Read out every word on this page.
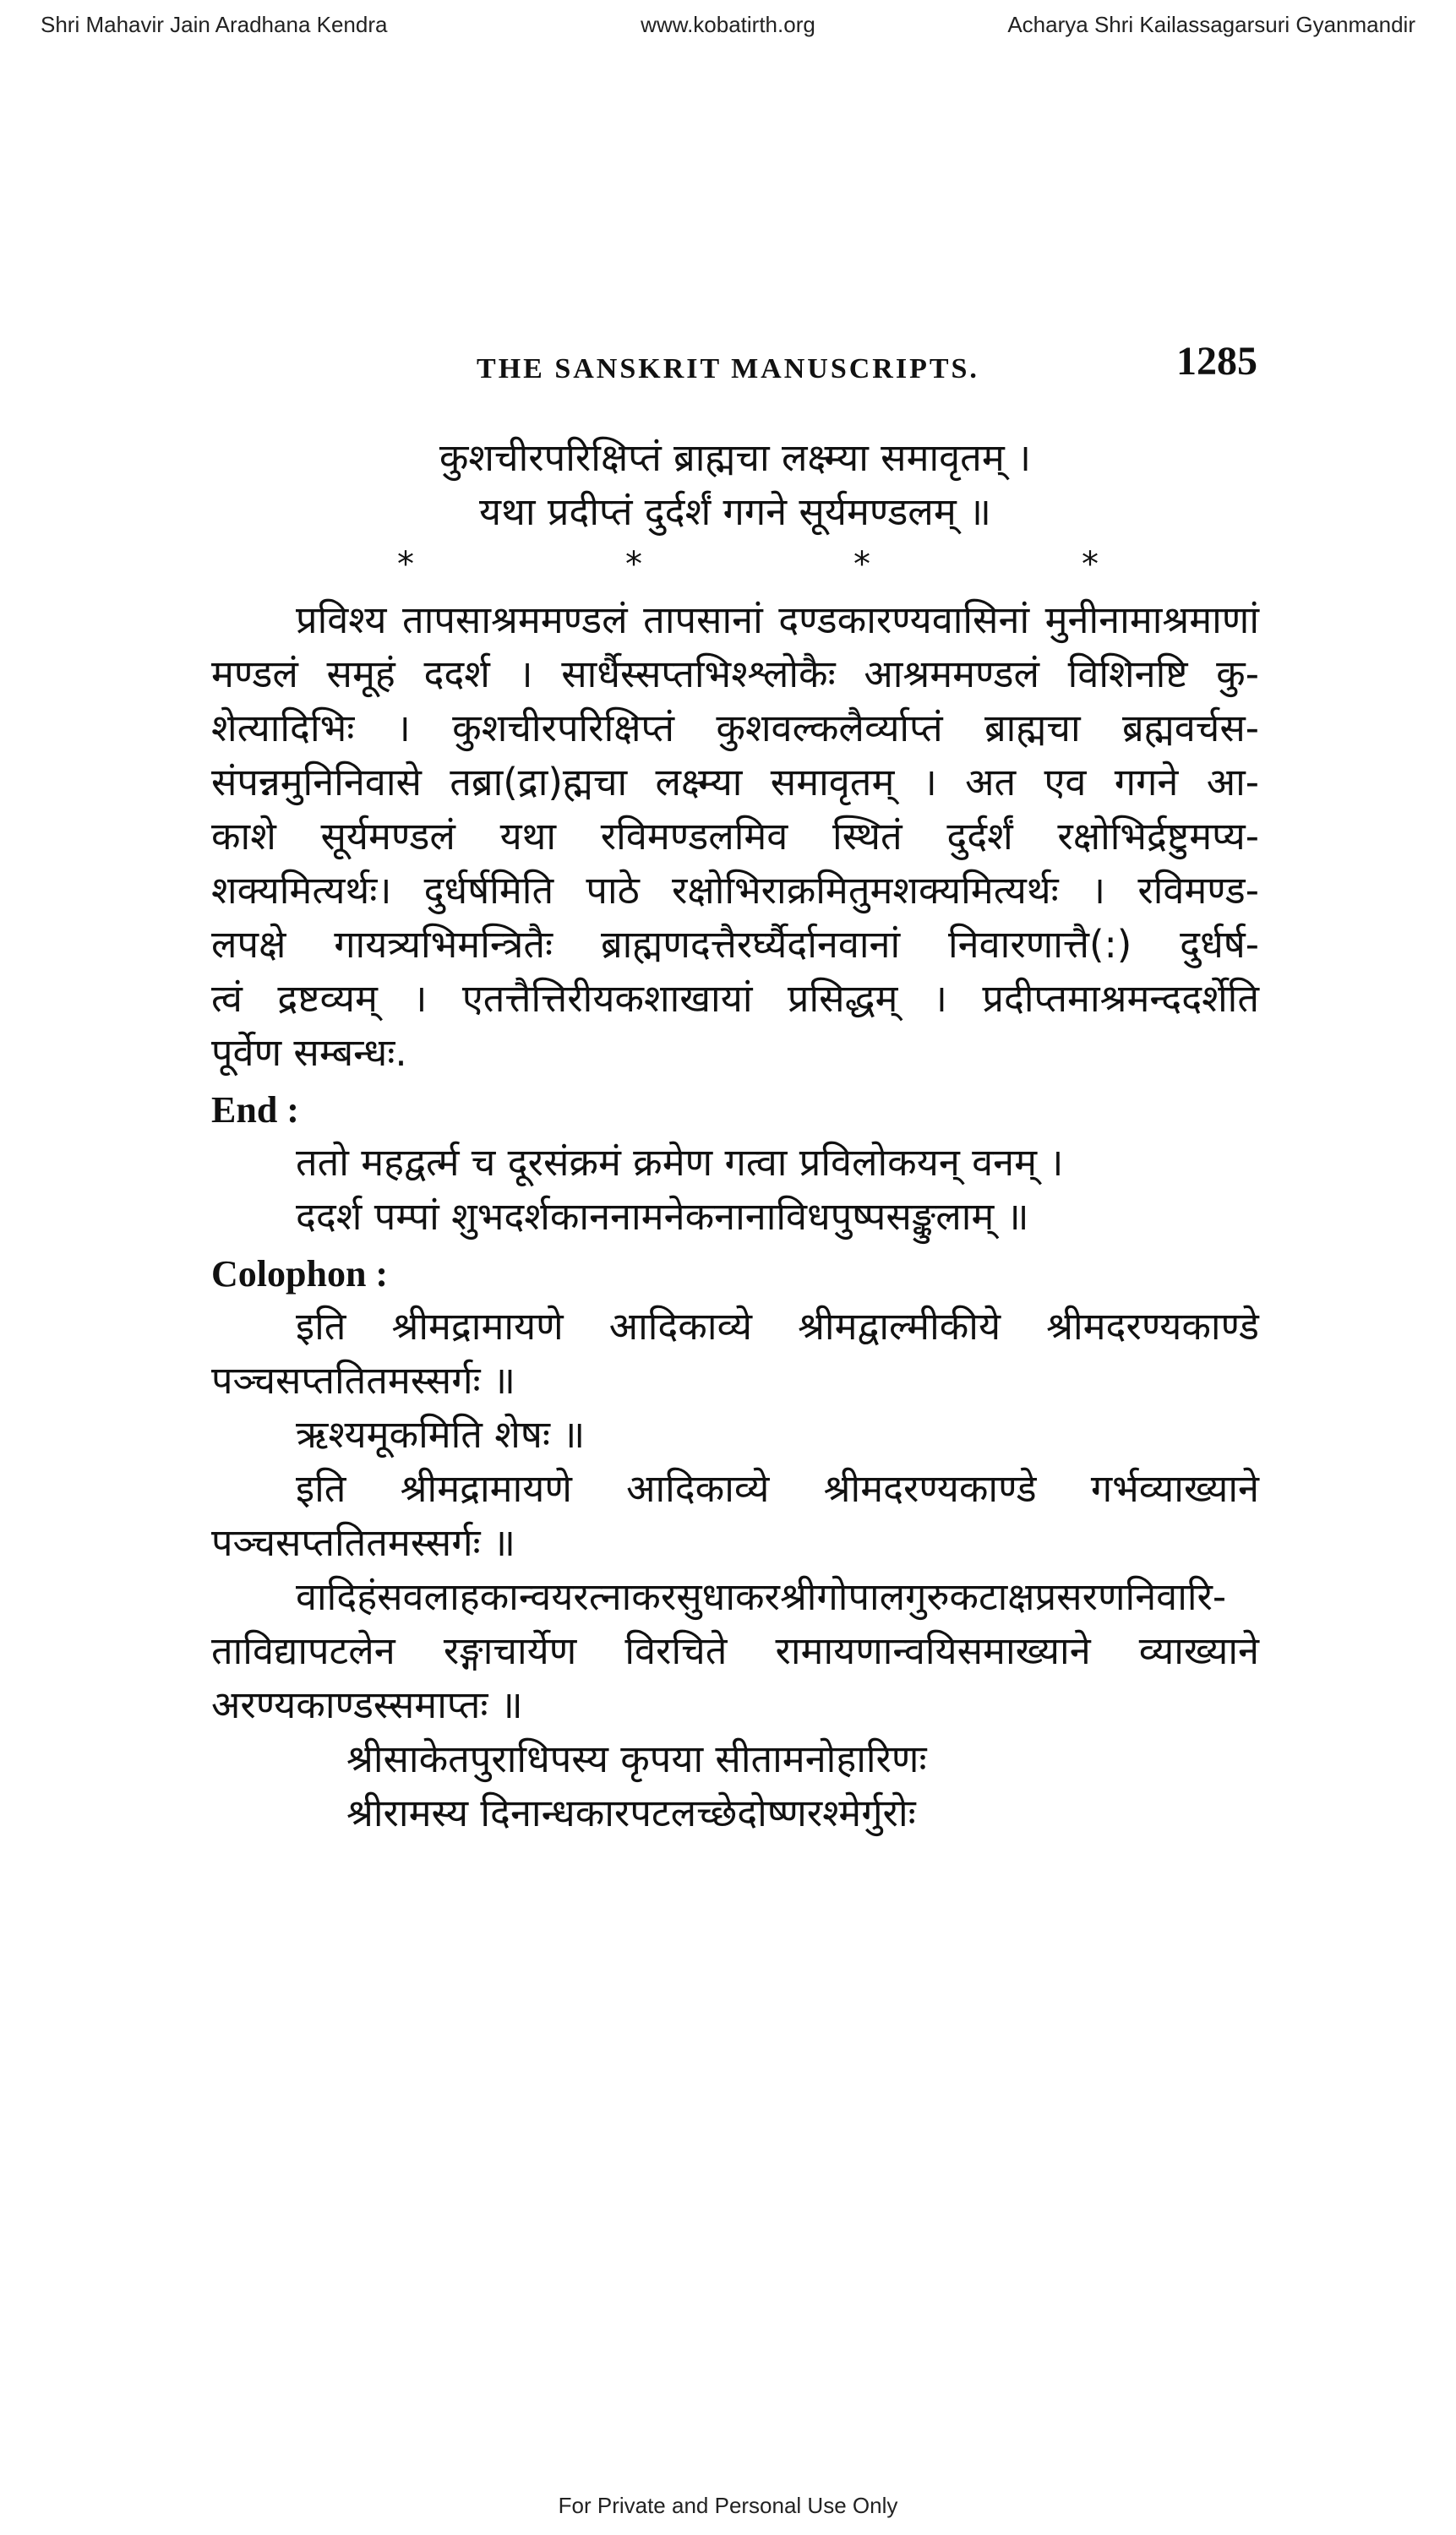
Shri Mahavir Jain Aradhana Kendra	www.kobatirth.org	Acharya Shri Kailassagarsuri Gyanmandir
THE SANSKRIT MANUSCRIPTS.	1285
कुशचीरपरिक्षिप्तं ब्राह्मचा लक्ष्म्या समावृतम् ।
यथा प्रदीप्तं दुर्दर्शं गगने सूर्यमण्डलम् ॥
*	*	*	*
प्रविश्य तापसाश्रममण्डलं तापसानां दण्डकारण्यवासिनां मुनीनामाश्रमाणां
मण्डलं समूहं ददर्श । सार्धैस्सप्तभिश्श्लोकैः आश्रममण्डलं विशिनष्टि कु-
शेत्यादिभिः । कुशचीरपरिक्षिप्तं कुशवल्कलैर्व्याप्तं ब्राह्मचा ब्रह्मवर्चस-
संपन्नमुनिनिवासे तब्रा(द्रा)ह्मचा लक्ष्म्या समावृतम् । अत एव गगने आ-
काशे सूर्यमण्डलं यथा रविमण्डलमिव स्थितं दुर्दर्शं रक्षोभिर्द्रष्टुमप्य-
शक्यमित्यर्थः। दुर्धर्षमिति पाठे रक्षोभिराक्रमितुमशक्यमित्यर्थः । रविमण्ड-
लपक्षे गायत्र्यभिमन्त्रितैः ब्राह्मणदत्तैरर्घ्यैर्दानवानां निवारणात्तै(:) दुर्धर्ष-
त्वं द्रष्टव्यम् । एतत्तैत्तिरीयकशाखायां प्रसिद्धम् । प्रदीप्तमाश्रमन्ददर्शेति
पूर्वेण सम्बन्धः.
End :
ततो महद्वर्त्म च दूरसंक्रमं क्रमेण गत्वा प्रविलोकयन् वनम् ।
ददर्श पम्पां शुभदर्शकाननामनेकनानाविधपुष्पसङ्कुलाम् ॥
Colophon :
इति श्रीमद्रामायणे आदिकाव्ये श्रीमद्वाल्मीकीये श्रीमदरण्यकाण्डे
पञ्चसप्ततितमस्सर्गः ॥
ऋश्यमूकमिति शेषः ॥
इति श्रीमद्रामायणे आदिकाव्ये श्रीमदरण्यकाण्डे गर्भव्याख्याने
पञ्चसप्ततितमस्सर्गः ॥
वादिहंसवलाहकान्वयरत्नाकरसुधाकरश्रीगोपालगुरुकटाक्षप्रसरणनिवारि-
ताविद्यापटलेन रङ्गाचार्येण विरचिते रामायणान्वयिसमाख्याने व्याख्याने
अरण्यकाण्डस्समाप्तः ॥
श्रीसाकेतपुराधिपस्य कृपया सीतामनोहारिणः
श्रीरामस्य दिनान्धकारपटलच्छेदोष्णरश्मेर्गुरोः
For Private and Personal Use Only
